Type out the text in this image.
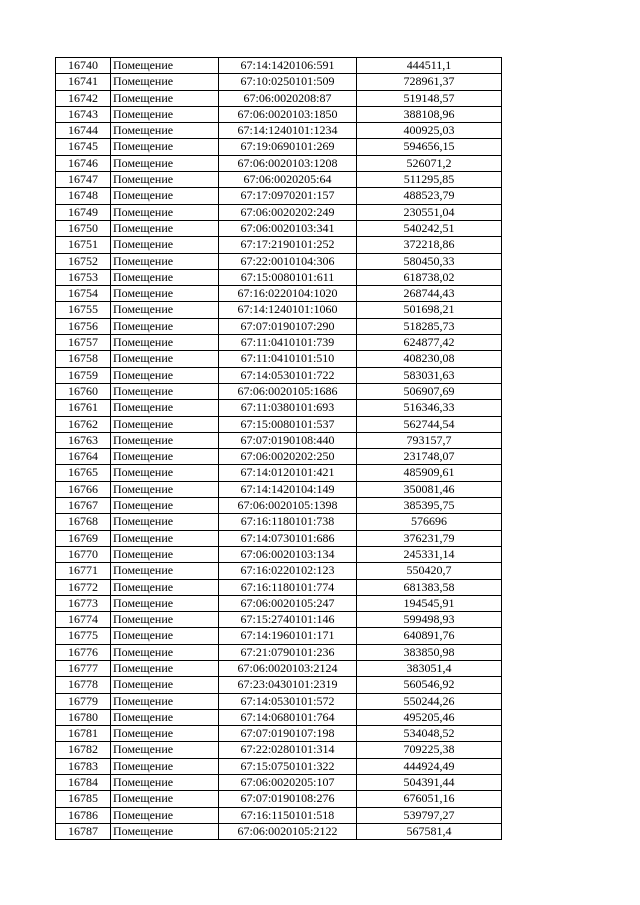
16740	Помещение	67:14:1420106:591	444511,1
16741	Помещение	67:10:0250101:509	728961,37
16742	Помещение	67:06:0020208:87	519148,57
16743	Помещение	67:06:0020103:1850	388108,96
16744	Помещение	67:14:1240101:1234	400925,03
16745	Помещение	67:19:0690101:269	594656,15
16746	Помещение	67:06:0020103:1208	526071,2
16747	Помещение	67:06:0020205:64	511295,85
16748	Помещение	67:17:0970201:157	488523,79
16749	Помещение	67:06:0020202:249	230551,04
16750	Помещение	67:06:0020103:341	540242,51
16751	Помещение	67:17:2190101:252	372218,86
16752	Помещение	67:22:0010104:306	580450,33
16753	Помещение	67:15:0080101:611	618738,02
16754	Помещение	67:16:0220104:1020	268744,43
16755	Помещение	67:14:1240101:1060	501698,21
16756	Помещение	67:07:0190107:290	518285,73
16757	Помещение	67:11:0410101:739	624877,42
16758	Помещение	67:11:0410101:510	408230,08
16759	Помещение	67:14:0530101:722	583031,63
16760	Помещение	67:06:0020105:1686	506907,69
16761	Помещение	67:11:0380101:693	516346,33
16762	Помещение	67:15:0080101:537	562744,54
16763	Помещение	67:07:0190108:440	793157,7
16764	Помещение	67:06:0020202:250	231748,07
16765	Помещение	67:14:0120101:421	485909,61
16766	Помещение	67:14:1420104:149	350081,46
16767	Помещение	67:06:0020105:1398	385395,75
16768	Помещение	67:16:1180101:738	576696
16769	Помещение	67:14:0730101:686	376231,79
16770	Помещение	67:06:0020103:134	245331,14
16771	Помещение	67:16:0220102:123	550420,7
16772	Помещение	67:16:1180101:774	681383,58
16773	Помещение	67:06:0020105:247	194545,91
16774	Помещение	67:15:2740101:146	599498,93
16775	Помещение	67:14:1960101:171	640891,76
16776	Помещение	67:21:0790101:236	383850,98
16777	Помещение	67:06:0020103:2124	383051,4
16778	Помещение	67:23:0430101:2319	560546,92
16779	Помещение	67:14:0530101:572	550244,26
16780	Помещение	67:14:0680101:764	495205,46
16781	Помещение	67:07:0190107:198	534048,52
16782	Помещение	67:22:0280101:314	709225,38
16783	Помещение	67:15:0750101:322	444924,49
16784	Помещение	67:06:0020205:107	504391,44
16785	Помещение	67:07:0190108:276	676051,16
16786	Помещение	67:16:1150101:518	539797,27
16787	Помещение	67:06:0020105:2122	567581,4
